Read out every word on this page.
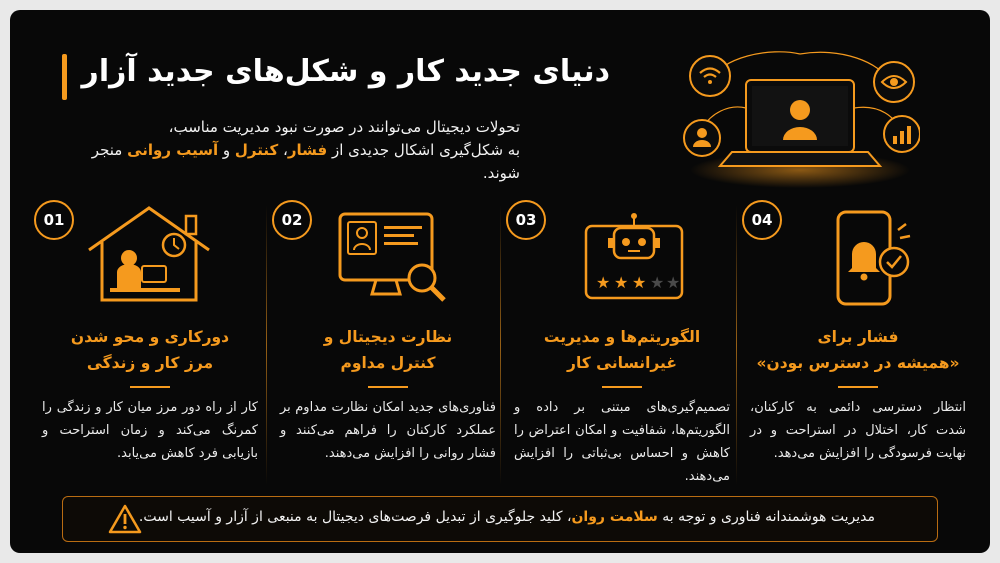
دنیای جدید کار و شکل‌های جدید آزار
تحولات دیجیتال می‌توانند در صورت نبود مدیریت مناسب،
به شکل‌گیری اشکال جدیدی از فشار، کنترل و آسیب روانی منجر شوند.
01
دورکاری و محو شدن
مرز کار و زندگی
کار از راه دور مرز میان کار و زندگی را کمرنگ می‌کند و زمان استراحت و بازیابی فرد کاهش می‌یابد.
02
نظارت دیجیتال و
کنترل مداوم
فناوری‌های جدید امکان نظارت مداوم بر عملکرد کارکنان را فراهم می‌کنند و فشار روانی را افزایش می‌دهند.
03
★ ★ ★ ★ ★
الگوریتم‌ها و مدیریت
غیرانسانی کار
تصمیم‌گیری‌های مبتنی بر داده و الگوریتم‌ها، شفافیت و امکان اعتراض را کاهش و احساس بی‌ثباتی را افزایش می‌دهند.
04
فشار برای
«همیشه در دسترس بودن»
انتظار دسترسی دائمی به کارکنان، شدت کار، اختلال در استراحت و در نهایت فرسودگی را افزایش می‌دهد.
مدیریت هوشمندانه فناوری و توجه به سلامت روان، کلید جلوگیری از تبدیل فرصت‌های دیجیتال به منبعی از آزار و آسیب است.
